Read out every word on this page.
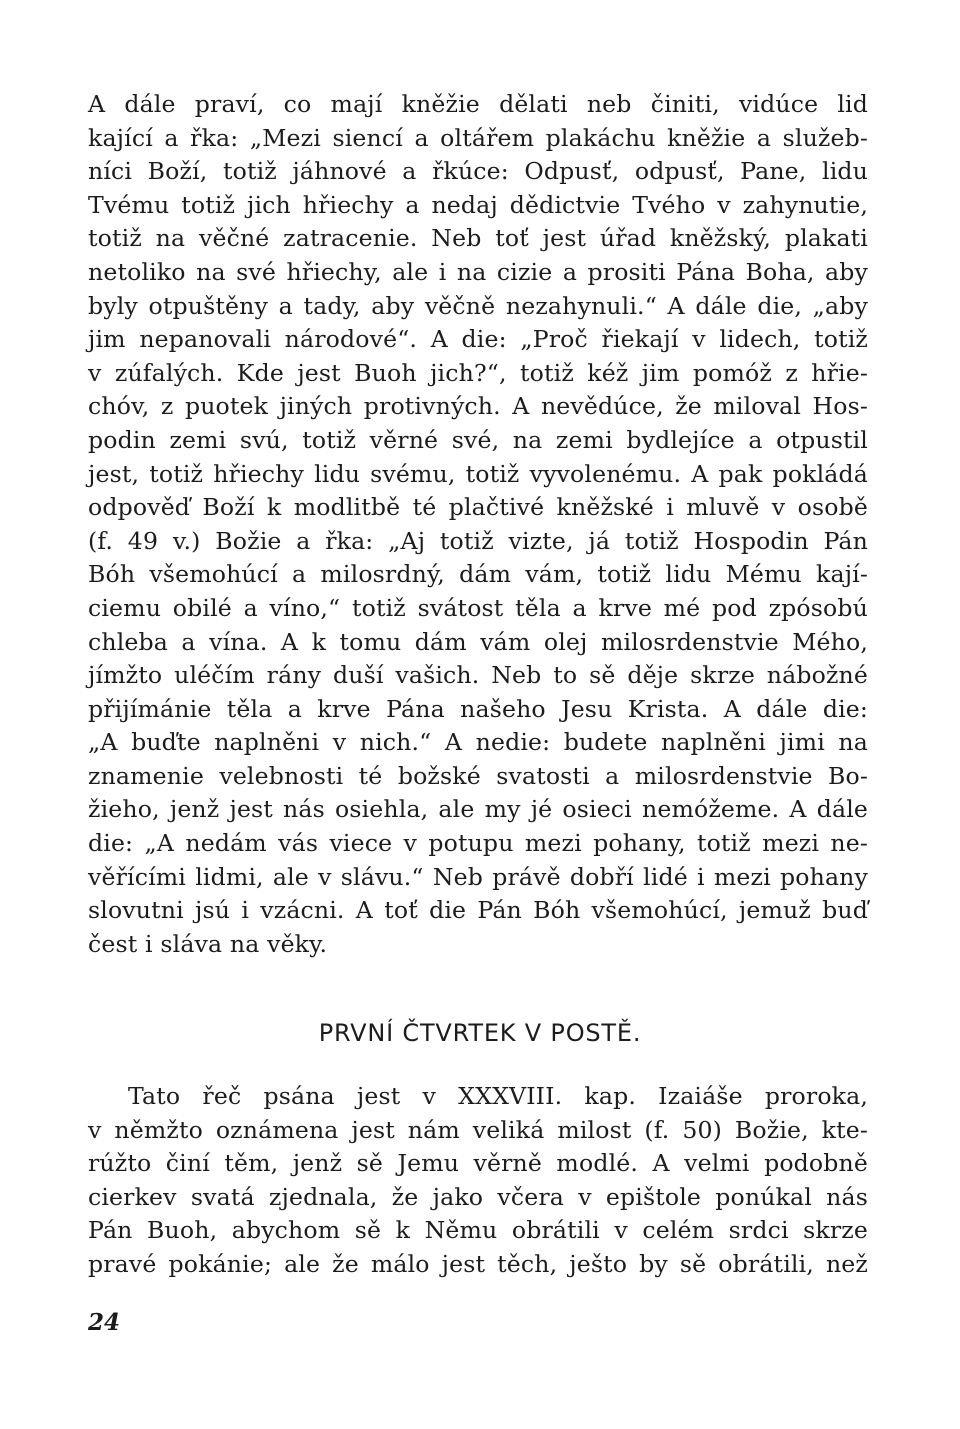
A dále praví, co mají kněžie dělati neb činiti, vidúce lid
kající a řka: „Mezi siencí a oltářem plakáchu kněžie a služeb-
níci Boží, totiž jáhnové a řkúce: Odpusť, odpusť, Pane, lidu
Tvému totiž jich hřiechy a nedaj dědictvie Tvého v zahynutie,
totiž na věčné zatracenie. Neb toť jest úřad kněžský, plakati
netoliko na své hřiechy, ale i na cizie a prositi Pána Boha, aby
byly otpuštěny a tady, aby věčně nezahynuli.“ A dále die, „aby
jim nepanovali národové“. A die: „Proč řiekají v lidech, totiž
v zúfalých. Kde jest Buoh jich?“, totiž kéž jim pomóž z hřie-
chóv, z puotek jiných protivných. A nevědúce, že miloval Hos-
podin zemi svú, totiž věrné své, na zemi bydlejíce a otpustil
jest, totiž hřiechy lidu svému, totiž vyvolenému. A pak pokládá
odpověď Boží k modlitbě té plačtivé kněžské i mluvě v osobě
(f. 49 v.) Božie a řka: „Aj totiž vizte, já totiž Hospodin Pán
Bóh všemohúcí a milosrdný, dám vám, totiž lidu Mému kají-
ciemu obilé a víno,“ totiž svátost těla a krve mé pod zpósobú
chleba a vína. A k tomu dám vám olej milosrdenstvie Mého,
jímžto uléčím rány duší vašich. Neb to sě děje skrze nábožné
přijímánie těla a krve Pána našeho Jesu Krista. A dále die:
„A buďte naplněni v nich.“ A nedie: budete naplněni jimi na
znamenie velebnosti té božské svatosti a milosrdenstvie Bo-
žieho, jenž jest nás osiehla, ale my jé osieci nemóžeme. A dále
die: „A nedám vás viece v potupu mezi pohany, totiž mezi ne-
věřícími lidmi, ale v slávu.“ Neb právě dobří lidé i mezi pohany
slovutni jsú i vzácni. A toť die Pán Bóh všemohúcí, jemuž buď
čest i sláva na věky.
PRVNÍ ČTVRTEK V POSTĚ.
Tato řeč psána jest v XXXVIII. kap. Izaiáše proroka,
v němžto oznámena jest nám veliká milost (f. 50) Božie, kte-
rúžto činí těm, jenž sě Jemu věrně modlé. A velmi podobně
cierkev svatá zjednala, že jako včera v epištole ponúkal nás
Pán Buoh, abychom sě k Němu obrátili v celém srdci skrze
pravé pokánie; ale že málo jest těch, ješto by sě obrátili, než
24
